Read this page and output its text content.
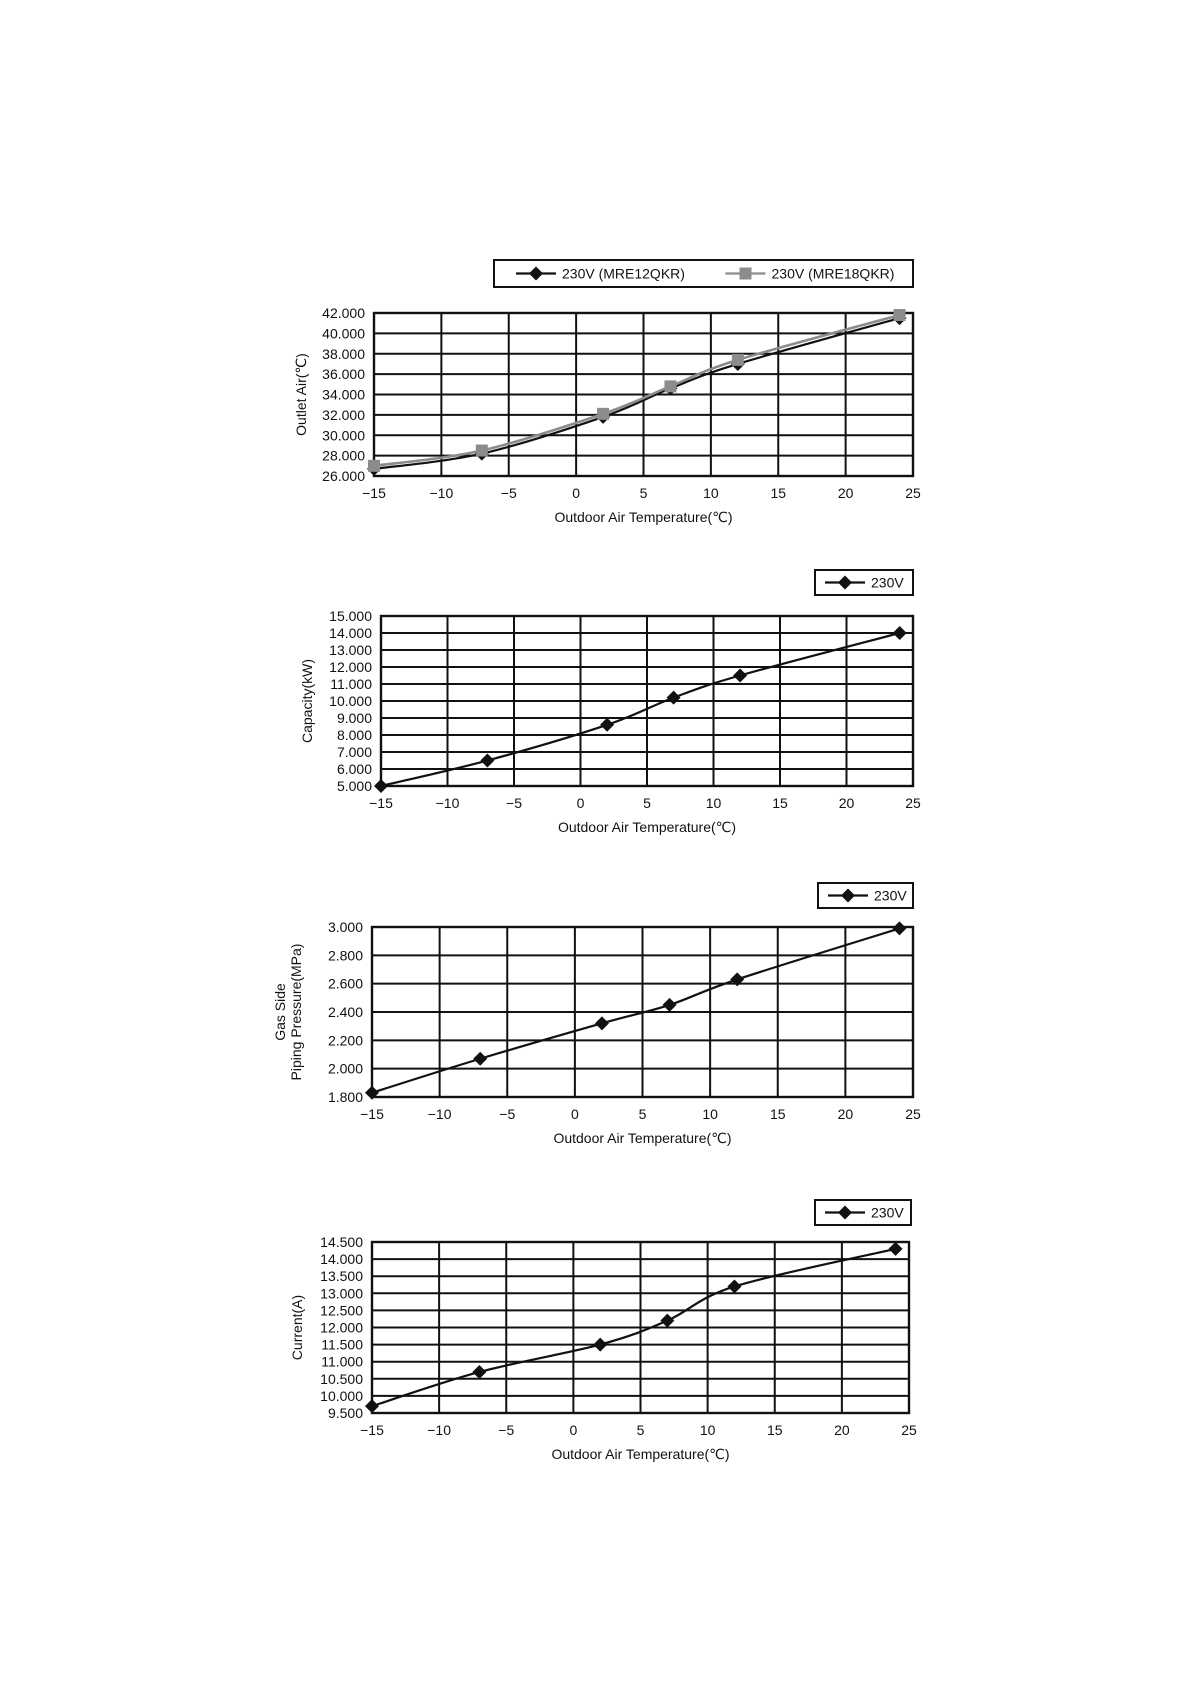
−15	−10	−5	0	5	10	15	20	25
26.000
28.000
30.000
32.000
34.000
36.000
38.000
40.000
42.000
Outdoor Air Temperature(℃)
Outlet Air(℃)
230V (MRE12QKR)	230V (MRE18QKR)
−15	−10	−5	0	5	10	15	20	25
5.000
6.000
7.000
8.000
9.000
10.000
11.000
12.000
13.000
14.000
15.000
Outdoor Air Temperature(℃)
Capacity(kW)
230V
−15	−10	−5	0	5	10	15	20	25
1.800
2.000
2.200
2.400
2.600
2.800
3.000
Outdoor Air Temperature(℃)
Gas Side Piping Pressure(MPa)
230V
−15	−10	−5	0	5	10	15	20	25
9.500
10.000
10.500
11.000
11.500
12.000
12.500
13.000
13.500
14.000
14.500
Outdoor Air Temperature(℃)
Current(A)
230V
